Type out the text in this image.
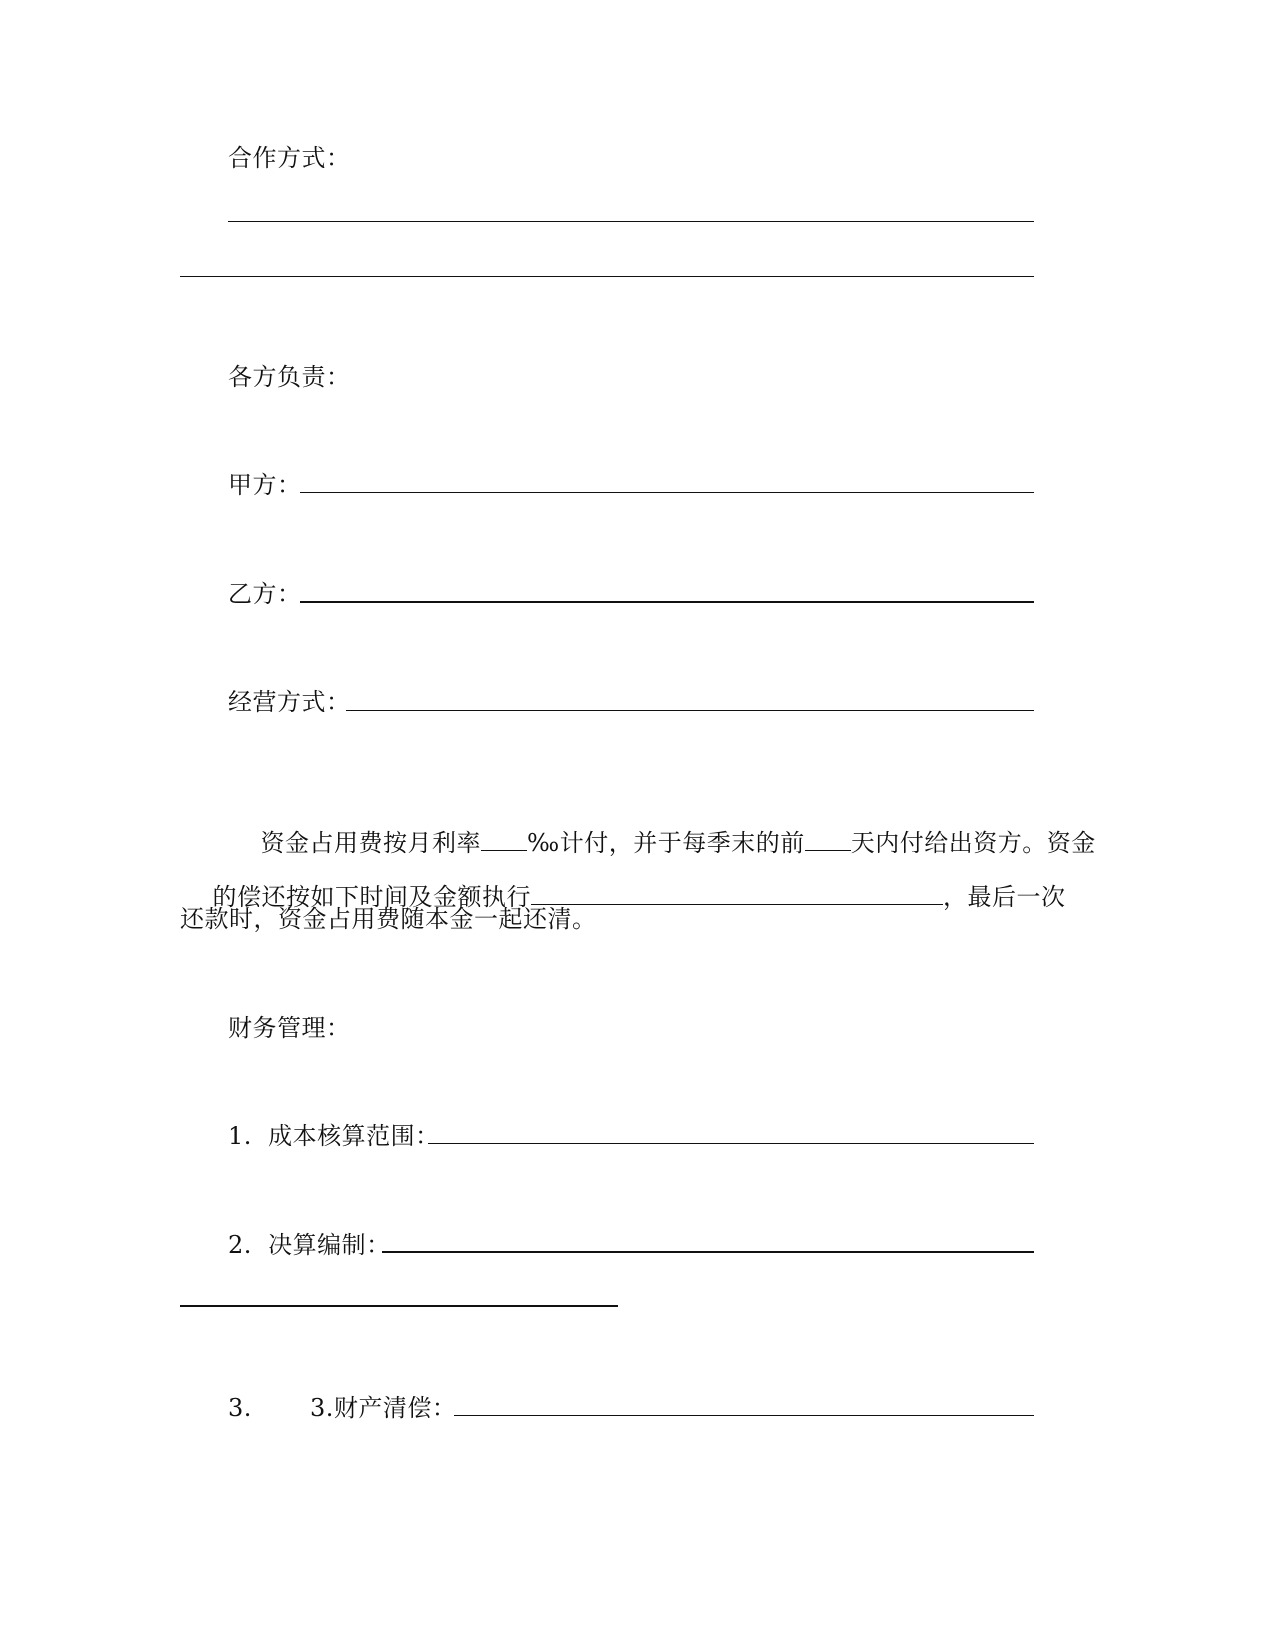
合作方式：
各方负责：
甲方：
乙方：
经营方式：

资金占用费按月利率 ‰计付，并于每季末的前 天内付给出资方。资金

的偿还按如下时间及金额执行	，最后一次

还款时，资金占用费随本金一起还清。
财务管理：
1.  成本核算范围：
2.  决算编制：
3. 3.财产清偿：
